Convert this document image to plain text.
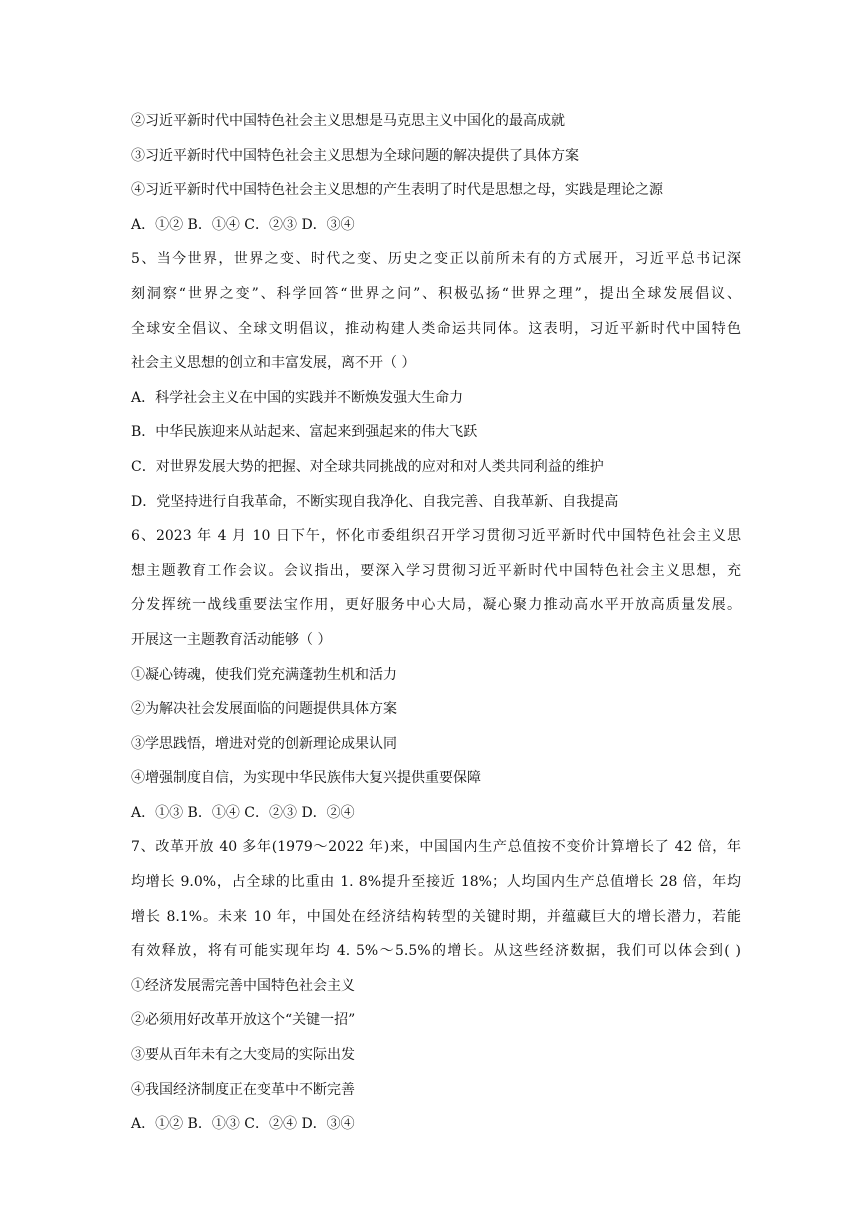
②习近平新时代中国特色社会主义思想是马克思主义中国化的最高成就
③习近平新时代中国特色社会主义思想为全球问题的解决提供了具体方案
④习近平新时代中国特色社会主义思想的产生表明了时代是思想之母，实践是理论之源
A．①② B．①④ C．②③ D．③④
5、当今世界，世界之变、时代之变、历史之变正以前所未有的方式展开，习近平总书记深
刻洞察“世界之变”、科学回答“世界之问”、积极弘扬“世界之理”，提出全球发展倡议、
全球安全倡议、全球文明倡议，推动构建人类命运共同体。这表明，习近平新时代中国特色
社会主义思想的创立和丰富发展，离不开（ ）
A．科学社会主义在中国的实践并不断焕发强大生命力
B．中华民族迎来从站起来、富起来到强起来的伟大飞跃
C．对世界发展大势的把握、对全球共同挑战的应对和对人类共同利益的维护
D．党坚持进行自我革命，不断实现自我净化、自我完善、自我革新、自我提高
6、2023 年 4 月 10 日下午，怀化市委组织召开学习贯彻习近平新时代中国特色社会主义思
想主题教育工作会议。会议指出，要深入学习贯彻习近平新时代中国特色社会主义思想，充
分发挥统一战线重要法宝作用，更好服务中心大局，凝心聚力推动高水平开放高质量发展。
开展这一主题教育活动能够（ ）
①凝心铸魂，使我们党充满蓬勃生机和活力
②为解决社会发展面临的问题提供具体方案
③学思践悟，增进对党的创新理论成果认同
④增强制度自信，为实现中华民族伟大复兴提供重要保障
A．①③ B．①④ C．②③ D．②④
7、改革开放 40 多年(1979～2022 年)来，中国国内生产总值按不变价计算增长了 42 倍，年
均增长 9.0%，占全球的比重由 1. 8%提升至接近 18%；人均国内生产总值增长 28 倍，年均
增长 8.1%。未来 10 年，中国处在经济结构转型的关键时期，并蕴藏巨大的增长潜力，若能
有效释放，将有可能实现年均 4. 5%～5.5%的增长。从这些经济数据，我们可以体会到( )
①经济发展需完善中国特色社会主义
②必须用好改革开放这个“关键一招”
③要从百年未有之大变局的实际出发
④我国经济制度正在变革中不断完善
A．①② B．①③ C．②④ D．③④
